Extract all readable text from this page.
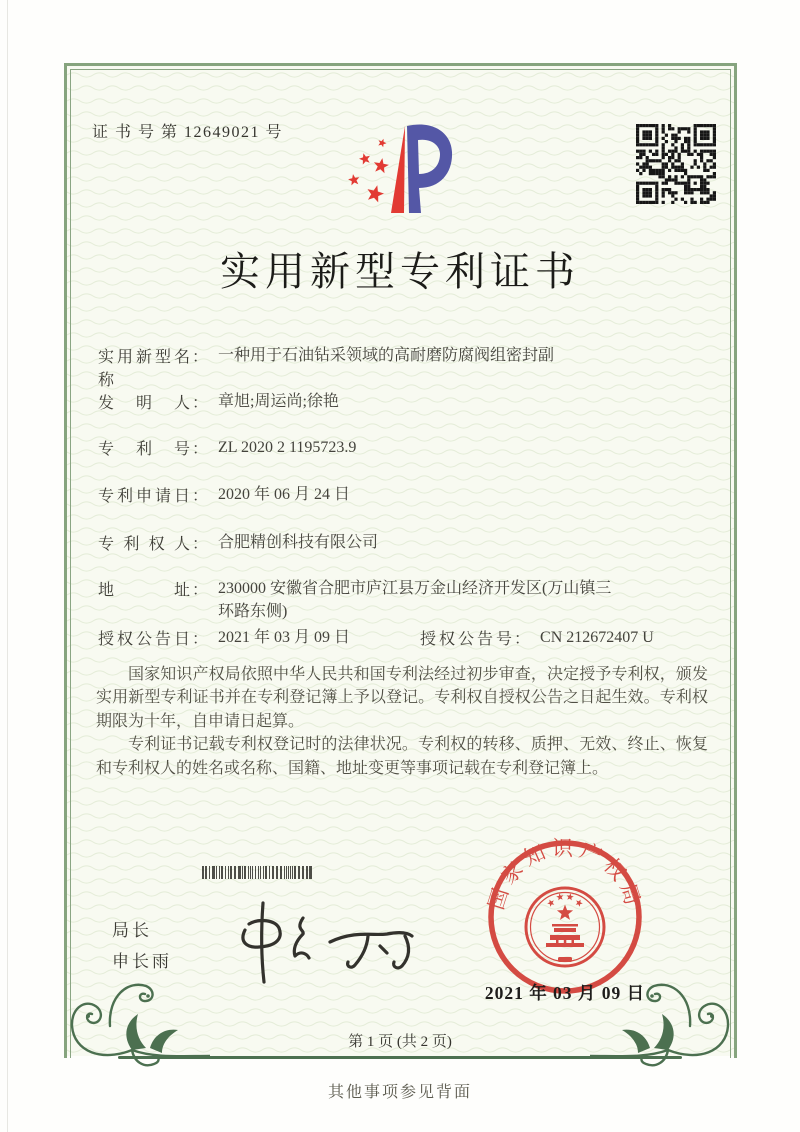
证 书 号 第 12649021 号
实用新型专利证书
实用新型名称： 一种用于石油钻采领域的高耐磨防腐阀组密封副
发明人 ： 章旭;周运尚;徐艳
专利号 ： ZL 2020 2 1195723.9
专利申请日 ： 2020 年 06 月 24 日
专利权人 ： 合肥精创科技有限公司
地址 ： 230000 安徽省合肥市庐江县万金山经济开发区(万山镇三
环路东侧)
授权公告日 ： 2021 年 03 月 09 日	授权公告号 ： CN 212672407 U

国家知识产权局依照中华人民共和国专利法经过初步审查，决定授予专利权，颁发实用新型专利证书并在专利登记簿上予以登记。专利权自授权公告之日起生效。专利权期限为十年，自申请日起算。

专利证书记载专利权登记时的法律状况。专利权的转移、质押、无效、终止、恢复和专利权人的姓名或名称、国籍、地址变更等事项记载在专利登记簿上。

局长
申长雨
国家知识产权局
2021 年 03 月 09 日
第 1 页 (共 2 页)
其他事项参见背面
